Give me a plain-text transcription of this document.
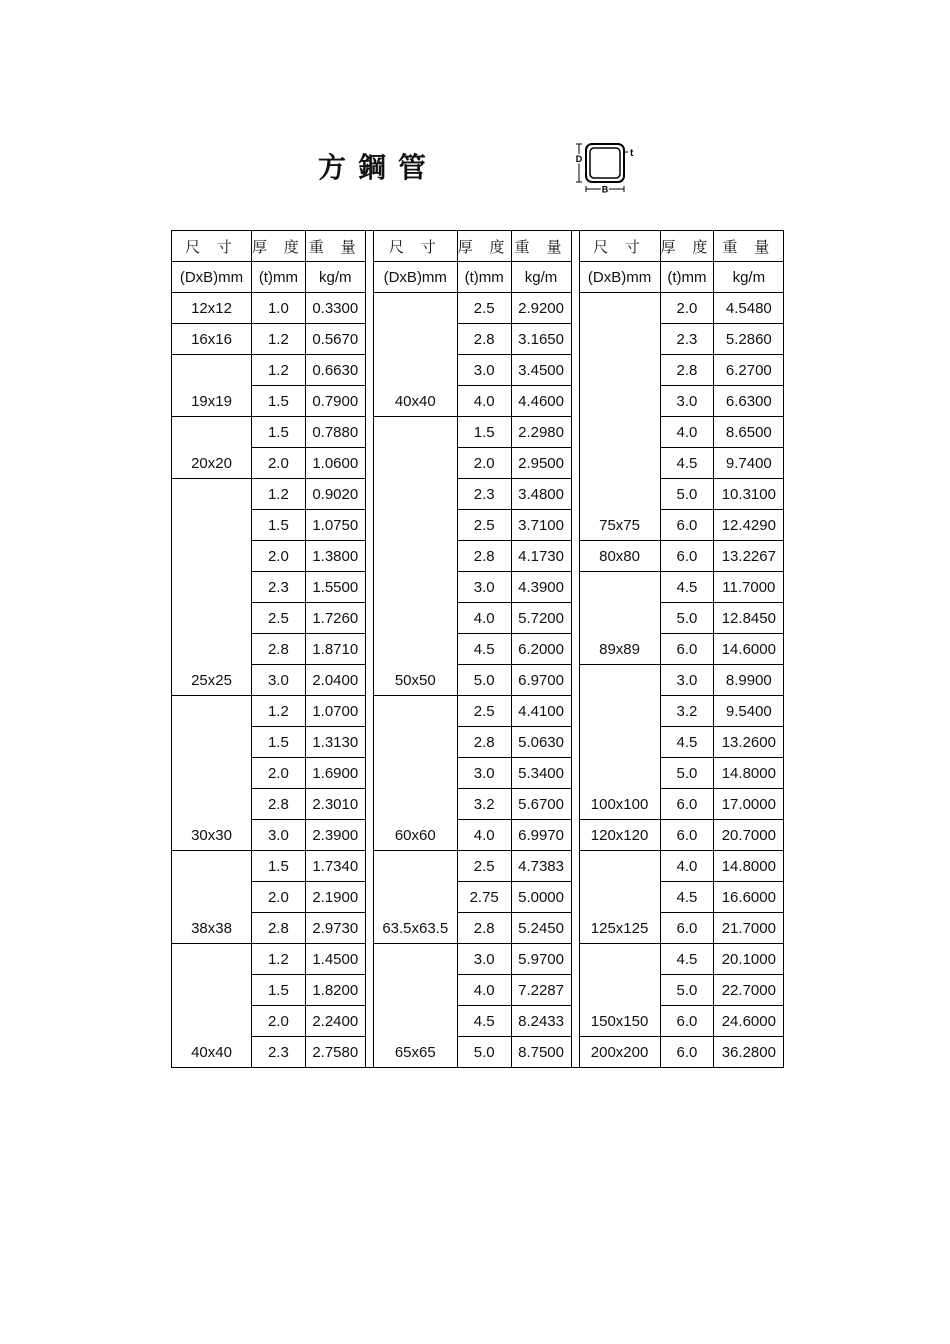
方鋼管	D	t
B
尺 寸	厚 度	重 量		尺 寸	厚 度	重 量		尺 寸	厚 度	重 量
(DxB)mm	(t)mm	kg/m		(DxB)mm	(t)mm	kg/m		(DxB)mm	(t)mm	kg/m
12x12	1.0	0.3300		40x40	2.5	2.9200		75x75	2.0	4.5480
16x16	1.2	0.5670			2.8	3.1650			2.3	5.2860
19x19	1.2	0.6630			3.0	3.4500			2.8	6.2700
	1.5	0.7900			4.0	4.4600			3.0	6.6300
20x20	1.5	0.7880		50x50	1.5	2.2980			4.0	8.6500
	2.0	1.0600			2.0	2.9500			4.5	9.7400
25x25	1.2	0.9020			2.3	3.4800			5.0	10.3100
	1.5	1.0750			2.5	3.7100			6.0	12.4290
	2.0	1.3800			2.8	4.1730		80x80	6.0	13.2267
	2.3	1.5500			3.0	4.3900		89x89	4.5	11.7000
	2.5	1.7260			4.0	5.7200			5.0	12.8450
	2.8	1.8710			4.5	6.2000			6.0	14.6000
	3.0	2.0400			5.0	6.9700		100x100	3.0	8.9900
30x30	1.2	1.0700		60x60	2.5	4.4100			3.2	9.5400
	1.5	1.3130			2.8	5.0630			4.5	13.2600
	2.0	1.6900			3.0	5.3400			5.0	14.8000
	2.8	2.3010			3.2	5.6700			6.0	17.0000
	3.0	2.3900			4.0	6.9970		120x120	6.0	20.7000
38x38	1.5	1.7340		63.5x63.5	2.5	4.7383		125x125	4.0	14.8000
	2.0	2.1900			2.75	5.0000			4.5	16.6000
	2.8	2.9730			2.8	5.2450			6.0	21.7000
40x40	1.2	1.4500		65x65	3.0	5.9700		150x150	4.5	20.1000
	1.5	1.8200			4.0	7.2287			5.0	22.7000
	2.0	2.2400			4.5	8.2433			6.0	24.6000
	2.3	2.7580			5.0	8.7500		200x200	6.0	36.2800
